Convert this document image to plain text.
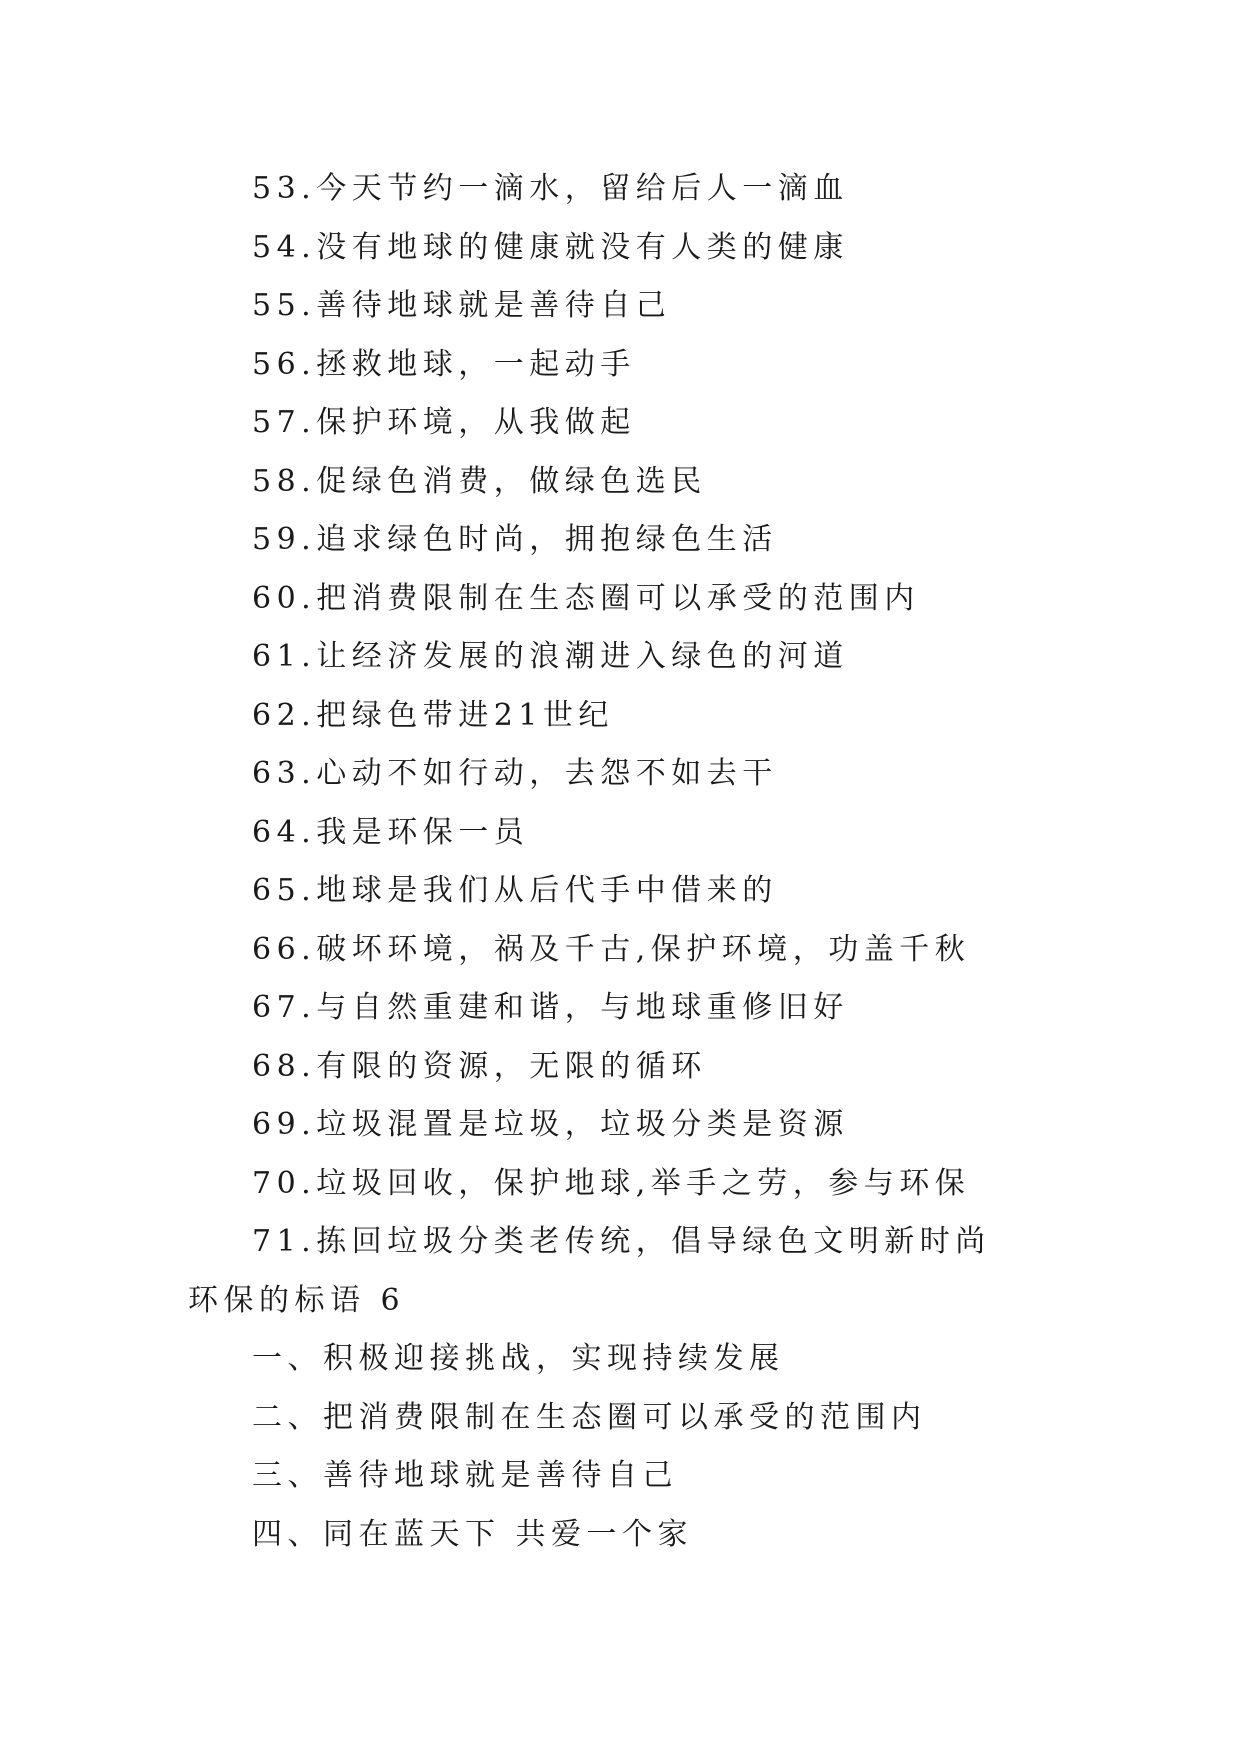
53.今天节约一滴水，留给后人一滴血
54.没有地球的健康就没有人类的健康
55.善待地球就是善待自己
56.拯救地球，一起动手
57.保护环境，从我做起
58.促绿色消费，做绿色选民
59.追求绿色时尚，拥抱绿色生活
60.把消费限制在生态圈可以承受的范围内
61.让经济发展的浪潮进入绿色的河道
62.把绿色带进21世纪
63.心动不如行动，去怨不如去干
64.我是环保一员
65.地球是我们从后代手中借来的
66.破坏环境，祸及千古,保护环境，功盖千秋
67.与自然重建和谐，与地球重修旧好
68.有限的资源，无限的循环
69.垃圾混置是垃圾，垃圾分类是资源
70.垃圾回收，保护地球,举手之劳，参与环保
71.拣回垃圾分类老传统，倡导绿色文明新时尚
环保的标语 6
一、积极迎接挑战，实现持续发展
二、把消费限制在生态圈可以承受的范围内
三、善待地球就是善待自己
四、同在蓝天下 共爱一个家
